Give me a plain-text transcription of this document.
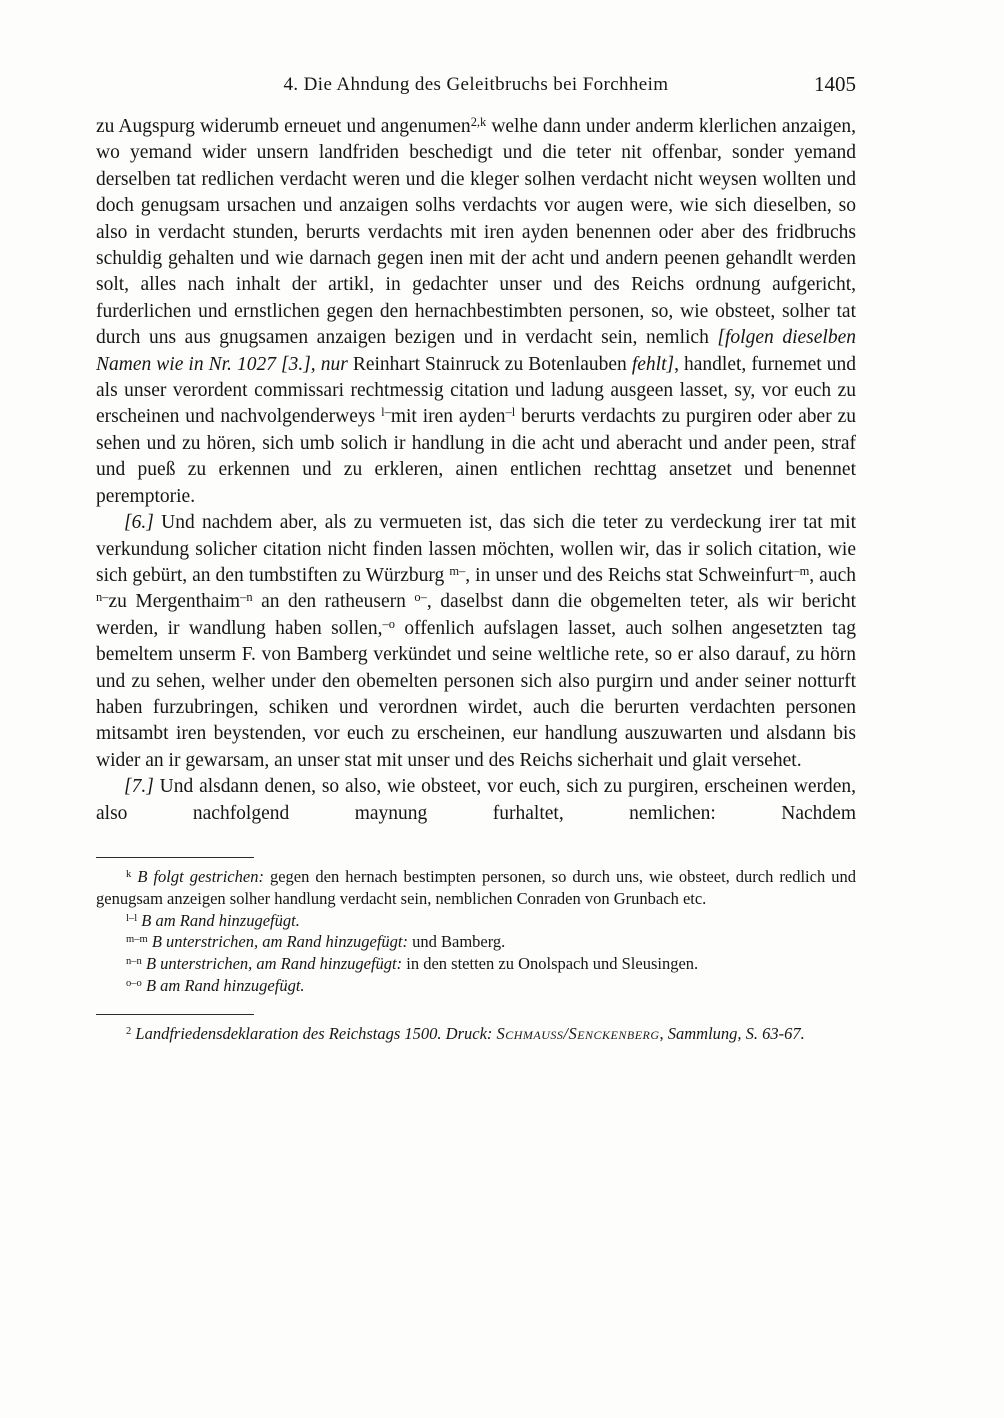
4. Die Ahndung des Geleitbruchs bei Forchheim	1405

zu Augspurg widerumb erneuet und angenumen$^{2,k}$ welhe dann under anderm klerlichen anzaigen, wo yemand wider unsern landfriden beschedigt und die teter nit offenbar, sonder yemand derselben tat redlichen verdacht weren und die kleger solhen verdacht nicht weysen wollten und doch genugsam ursachen und anzaigen solhs verdachts vor augen were, wie sich dieselben, so also in verdacht stunden, berurts verdachts mit iren ayden benennen oder aber des fridbruchs schuldig gehalten und wie darnach gegen inen mit der acht und andern peenen gehandlt werden solt, alles nach inhalt der artikl, in gedachter unser und des Reichs ordnung aufgericht, furderlichen und ernstlichen gegen den hernachbestimbten personen, so, wie obsteet, solher tat durch uns aus gnugsamen anzaigen bezigen und in verdacht sein, nemlich [folgen dieselben Namen wie in Nr. 1027 [3.], nur Reinhart Stainruck zu Botenlauben fehlt], handlet, furnemet und als unser verordent commissari rechtmessig citation und ladung ausgeen lasset, sy, vor euch zu erscheinen und nachvolgenderweys $^{l-}$mit iren ayden$^{-l}$ berurts verdachts zu purgiren oder aber zu sehen und zu hören, sich umb solich ir handlung in die acht und aberacht und ander peen, straf und pueß zu erkennen und zu erkleren, ainen entlichen rechttag ansetzet und benennet peremptorie.

[6.] Und nachdem aber, als zu vermueten ist, das sich die teter zu verdeckung irer tat mit verkundung solicher citation nicht finden lassen möchten, wollen wir, das ir solich citation, wie sich gebürt, an den tumbstiften zu Würzburg $^{m-}$, in unser und des Reichs stat Schweinfurt$^{-m}$, auch $^{n-}$zu Mergenthaim$^{-n}$ an den ratheusern $^{o-}$, daselbst dann die obgemelten teter, als wir bericht werden, ir wandlung haben sollen,$^{-o}$ offenlich aufslagen lasset, auch solhen angesetzten tag bemeltem unserm F. von Bamberg verkündet und seine weltliche rete, so er also darauf, zu hörn und zu sehen, welher under den obemelten personen sich also purgirn und ander seiner notturft haben furzubringen, schiken und verordnen wirdet, auch die berurten verdachten personen mitsambt iren beystenden, vor euch zu erscheinen, eur handlung auszuwarten und alsdann bis wider an ir gewarsam, an unser stat mit unser und des Reichs sicherhait und glait versehet.

[7.] Und alsdann denen, so also, wie obsteet, vor euch, sich zu purgiren, erscheinen werden, also nachfolgend maynung furhaltet, nemlichen: Nachdem

$^k$ B folgt gestrichen: gegen den hernach bestimpten personen, so durch uns, wie obsteet, durch redlich und genugsam anzeigen solher handlung verdacht sein, nemblichen Conraden von Grunbach etc.

$^{l-l}$ B am Rand hinzugefügt.

$^{m-m}$ B unterstrichen, am Rand hinzugefügt: und Bamberg.

$^{n-n}$ B unterstrichen, am Rand hinzugefügt: in den stetten zu Onolspach und Sleusingen.

$^{o-o}$ B am Rand hinzugefügt.

$^2$ Landfriedensdeklaration des Reichstags 1500. Druck: Schmauss/Senckenberg, Sammlung, S. 63-67.
